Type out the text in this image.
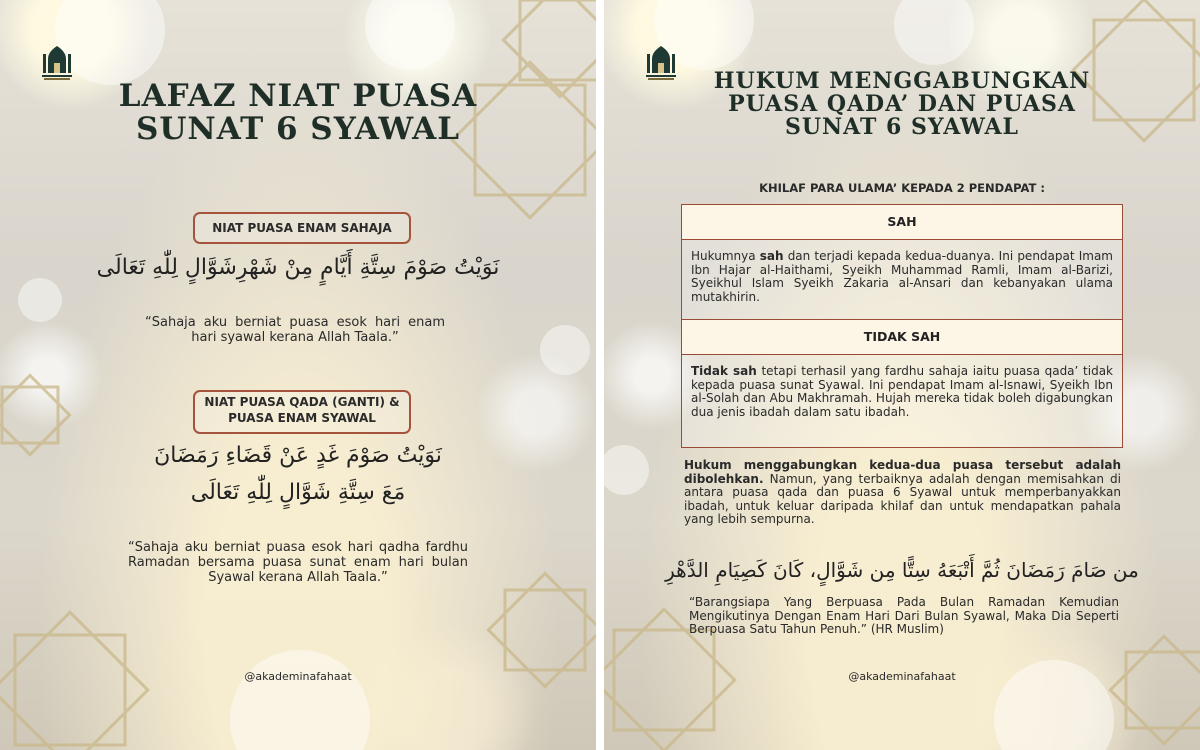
LAFAZ NIAT PUASA
SUNAT 6 SYAWAL
NIAT PUASA ENAM SAHAJA
نَوَيْتُ صَوْمَ سِتَّةِ أَيَّامٍ مِنْ شَهْرِشَوَّالٍ لِلّٰهِ تَعَالَى
“Sahaja aku berniat puasa esok hari enam hari syawal kerana Allah Taala.”
NIAT PUASA QADA (GANTI) &
PUASA ENAM SYAWAL
نَوَيْتُ صَوْمَ غَدٍ عَنْ قَضَاءِ رَمَضَانَ
مَعَ سِتَّةِ شَوَّالٍ لِلّٰهِ تَعَالَى
“Sahaja aku berniat puasa esok hari qadha fardhu Ramadan bersama puasa sunat enam hari bulan Syawal kerana Allah Taala.”
@akademinafahaat
HUKUM MENGGABUNGKAN
PUASA QADA’ DAN PUASA
SUNAT 6 SYAWAL
KHILAF PARA ULAMA’ KEPADA 2 PENDAPAT :
SAH
Hukumnya sah dan terjadi kepada kedua-duanya. Ini pendapat Imam Ibn Hajar al-Haithami, Syeikh Muhammad Ramli, Imam al-Barizi, Syeikhul Islam Syeikh Zakaria al-Ansari dan kebanyakan ulama mutakhirin.
TIDAK SAH
Tidak sah tetapi terhasil yang fardhu sahaja iaitu puasa qada’ tidak kepada puasa sunat Syawal. Ini pendapat Imam al-Isnawi, Syeikh Ibn al-Solah dan Abu Makhramah. Hujah mereka tidak boleh digabungkan dua jenis ibadah dalam satu ibadah.
Hukum menggabungkan kedua-dua puasa tersebut adalah dibolehkan. Namun, yang terbaiknya adalah dengan memisahkan di antara puasa qada dan puasa 6 Syawal untuk memperbanyakkan ibadah, untuk keluar daripada khilaf dan untuk mendapatkan pahala yang lebih sempurna.
من صَامَ رَمَضَانَ ثُمَّ أَتْبَعَهُ سِتًّا مِن شَوَّالٍ، كَانَ كَصِيَامِ الدَّهْرِ
“Barangsiapa Yang Berpuasa Pada Bulan Ramadan Kemudian Mengikutinya Dengan Enam Hari Dari Bulan Syawal, Maka Dia Seperti Berpuasa Satu Tahun Penuh.” (HR Muslim)
@akademinafahaat
